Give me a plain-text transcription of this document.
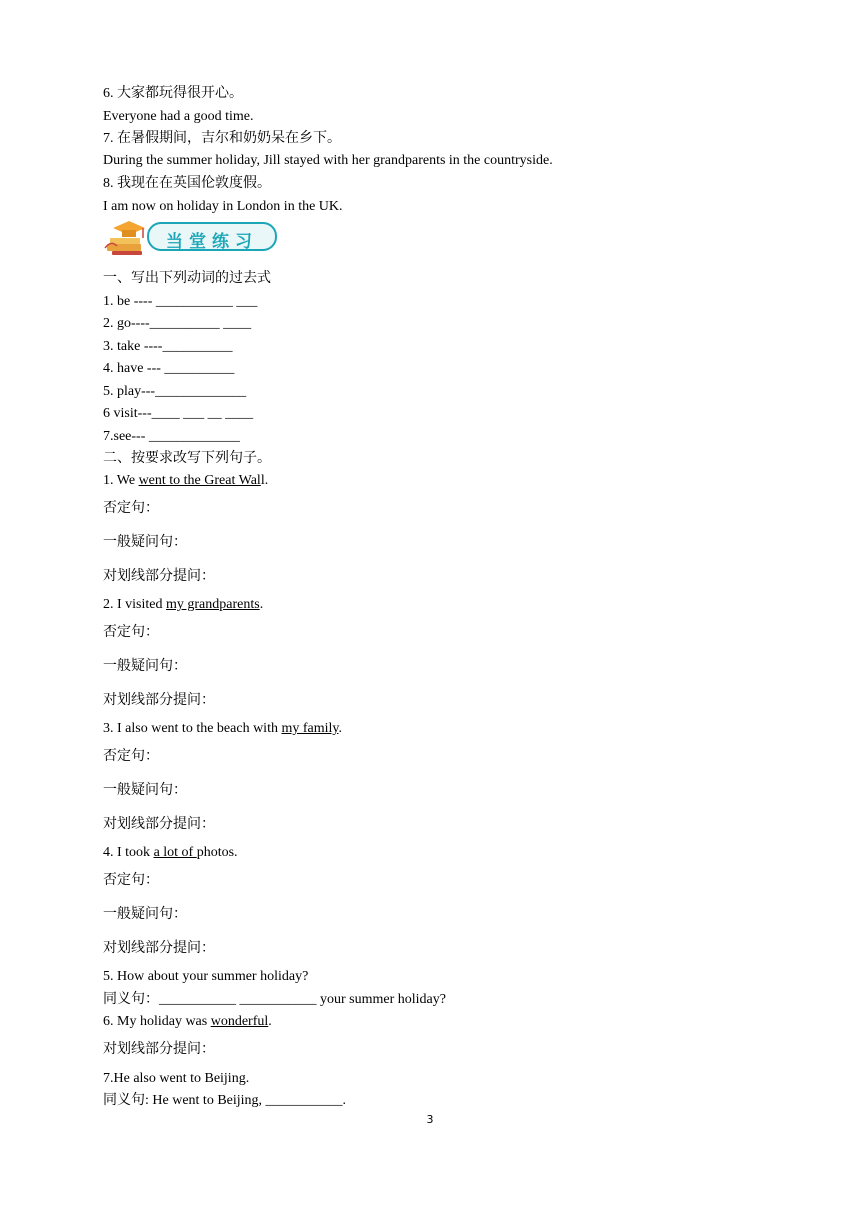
6. 大家都玩得很开心。
Everyone had a good time.
7. 在暑假期间，吉尔和奶奶呆在乡下。
During the summer holiday, Jill stayed with her grandparents in the countryside.
8. 我现在在英国伦敦度假。
I am now on holiday in London in the UK.
当堂练习
一、写出下列动词的过去式
1. be ---- ___________ ___
2. go----__________ ____
3. take ----__________
4. have --- __________
5. play---_____________
6 visit---____ ___ __ ____
7.see--- _____________
二、按要求改写下列句子。
1. We went to the Great Wall.
否定句：
一般疑问句：
对划线部分提问：
2. I visited my grandparents.
否定句：
一般疑问句：
对划线部分提问：
3. I also went to the beach with my family.
否定句：
一般疑问句：
对划线部分提问：
4. I took a lot of photos.
否定句：
一般疑问句：
对划线部分提问：
5. How about your summer holiday?
同义句：___________ ___________ your summer holiday?
6. My holiday was wonderful.
对划线部分提问：
7.He also went to Beijing.
同义句: He went to Beijing, ___________.
3
